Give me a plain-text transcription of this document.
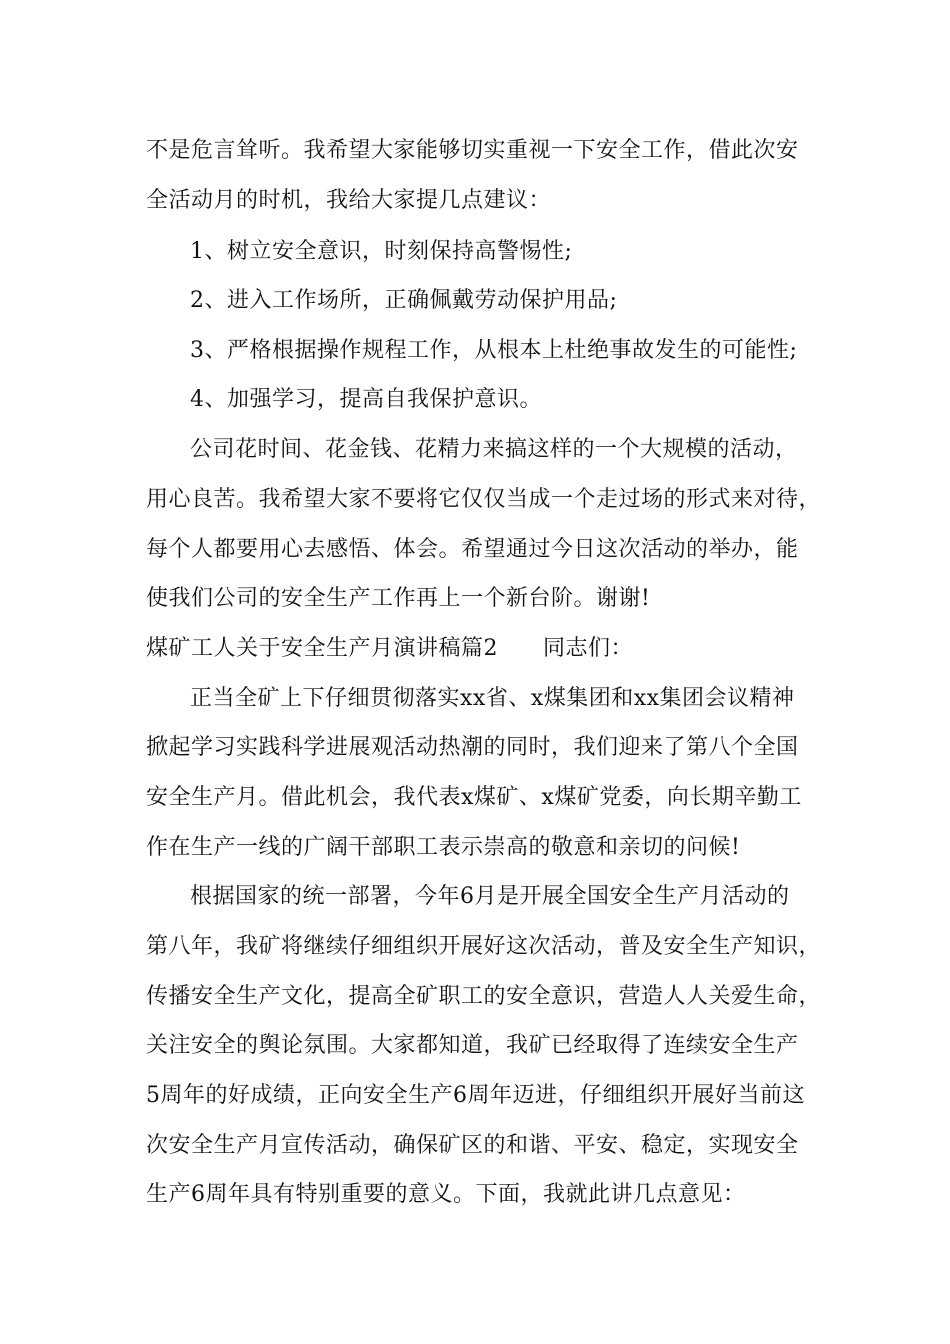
不是危言耸听。我希望大家能够切实重视一下安全工作，借此次安
全活动月的时机，我给大家提几点建议：
1、树立安全意识，时刻保持高警惕性;
2、进入工作场所，正确佩戴劳动保护用品;
3、严格根据操作规程工作，从根本上杜绝事故发生的可能性;
4、加强学习，提高自我保护意识。
公司花时间、花金钱、花精力来搞这样的一个大规模的活动，
用心良苦。我希望大家不要将它仅仅当成一个走过场的形式来对待，
每个人都要用心去感悟、体会。希望通过今日这次活动的举办，能
使我们公司的安全生产工作再上一个新台阶。谢谢!
煤矿工人关于安全生产月演讲稿篇2　　同志们：
正当全矿上下仔细贯彻落实xx省、x煤集团和xx集团会议精神
掀起学习实践科学进展观活动热潮的同时，我们迎来了第八个全国
安全生产月。借此机会，我代表x煤矿、x煤矿党委，向长期辛勤工
作在生产一线的广阔干部职工表示崇高的敬意和亲切的问候!
根据国家的统一部署，今年6月是开展全国安全生产月活动的
第八年，我矿将继续仔细组织开展好这次活动，普及安全生产知识，
传播安全生产文化，提高全矿职工的安全意识，营造人人关爱生命，
关注安全的舆论氛围。大家都知道，我矿已经取得了连续安全生产
5周年的好成绩，正向安全生产6周年迈进，仔细组织开展好当前这
次安全生产月宣传活动，确保矿区的和谐、平安、稳定，实现安全
生产6周年具有特别重要的意义。下面，我就此讲几点意见：
